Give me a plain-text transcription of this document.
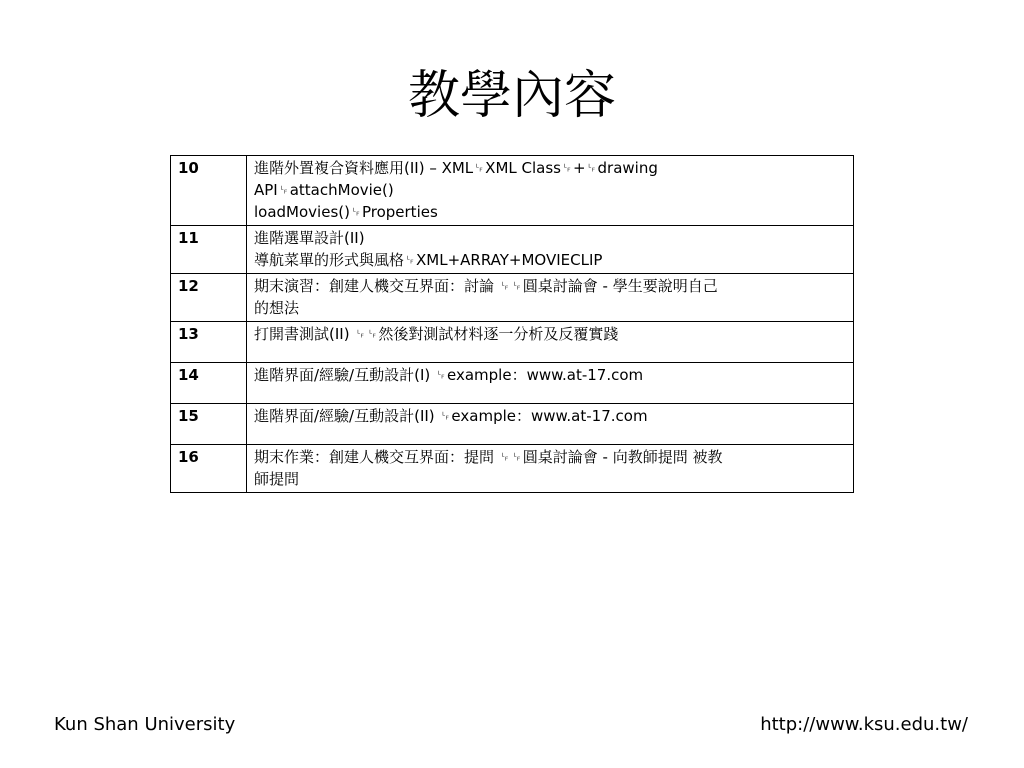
教學內容
10	進階外置複合資料應用(II) – XML␊XML Class␊+␊drawing
API␊attachMovie()
loadMovies()␊Properties
11	進階選單設計(II)
導航菜單的形式與風格␊XML+ARRAY+MOVIECLIP
12	期末演習：創建人機交互界面：討論 ␊␊圓桌討論會 - 學生要說明自己
的想法
13	打開書測試(II) ␊␊然後對測試材料逐一分析及反覆實踐
14	進階界面/經驗/互動設計(I) ␊example：www.at-17.com
15	進階界面/經驗/互動設計(II) ␊example：www.at-17.com
16	期末作業：創建人機交互界面：提問 ␊␊圓桌討論會 - 向教師提問 被教
師提問
Kun Shan University	http://www.ksu.edu.tw/
